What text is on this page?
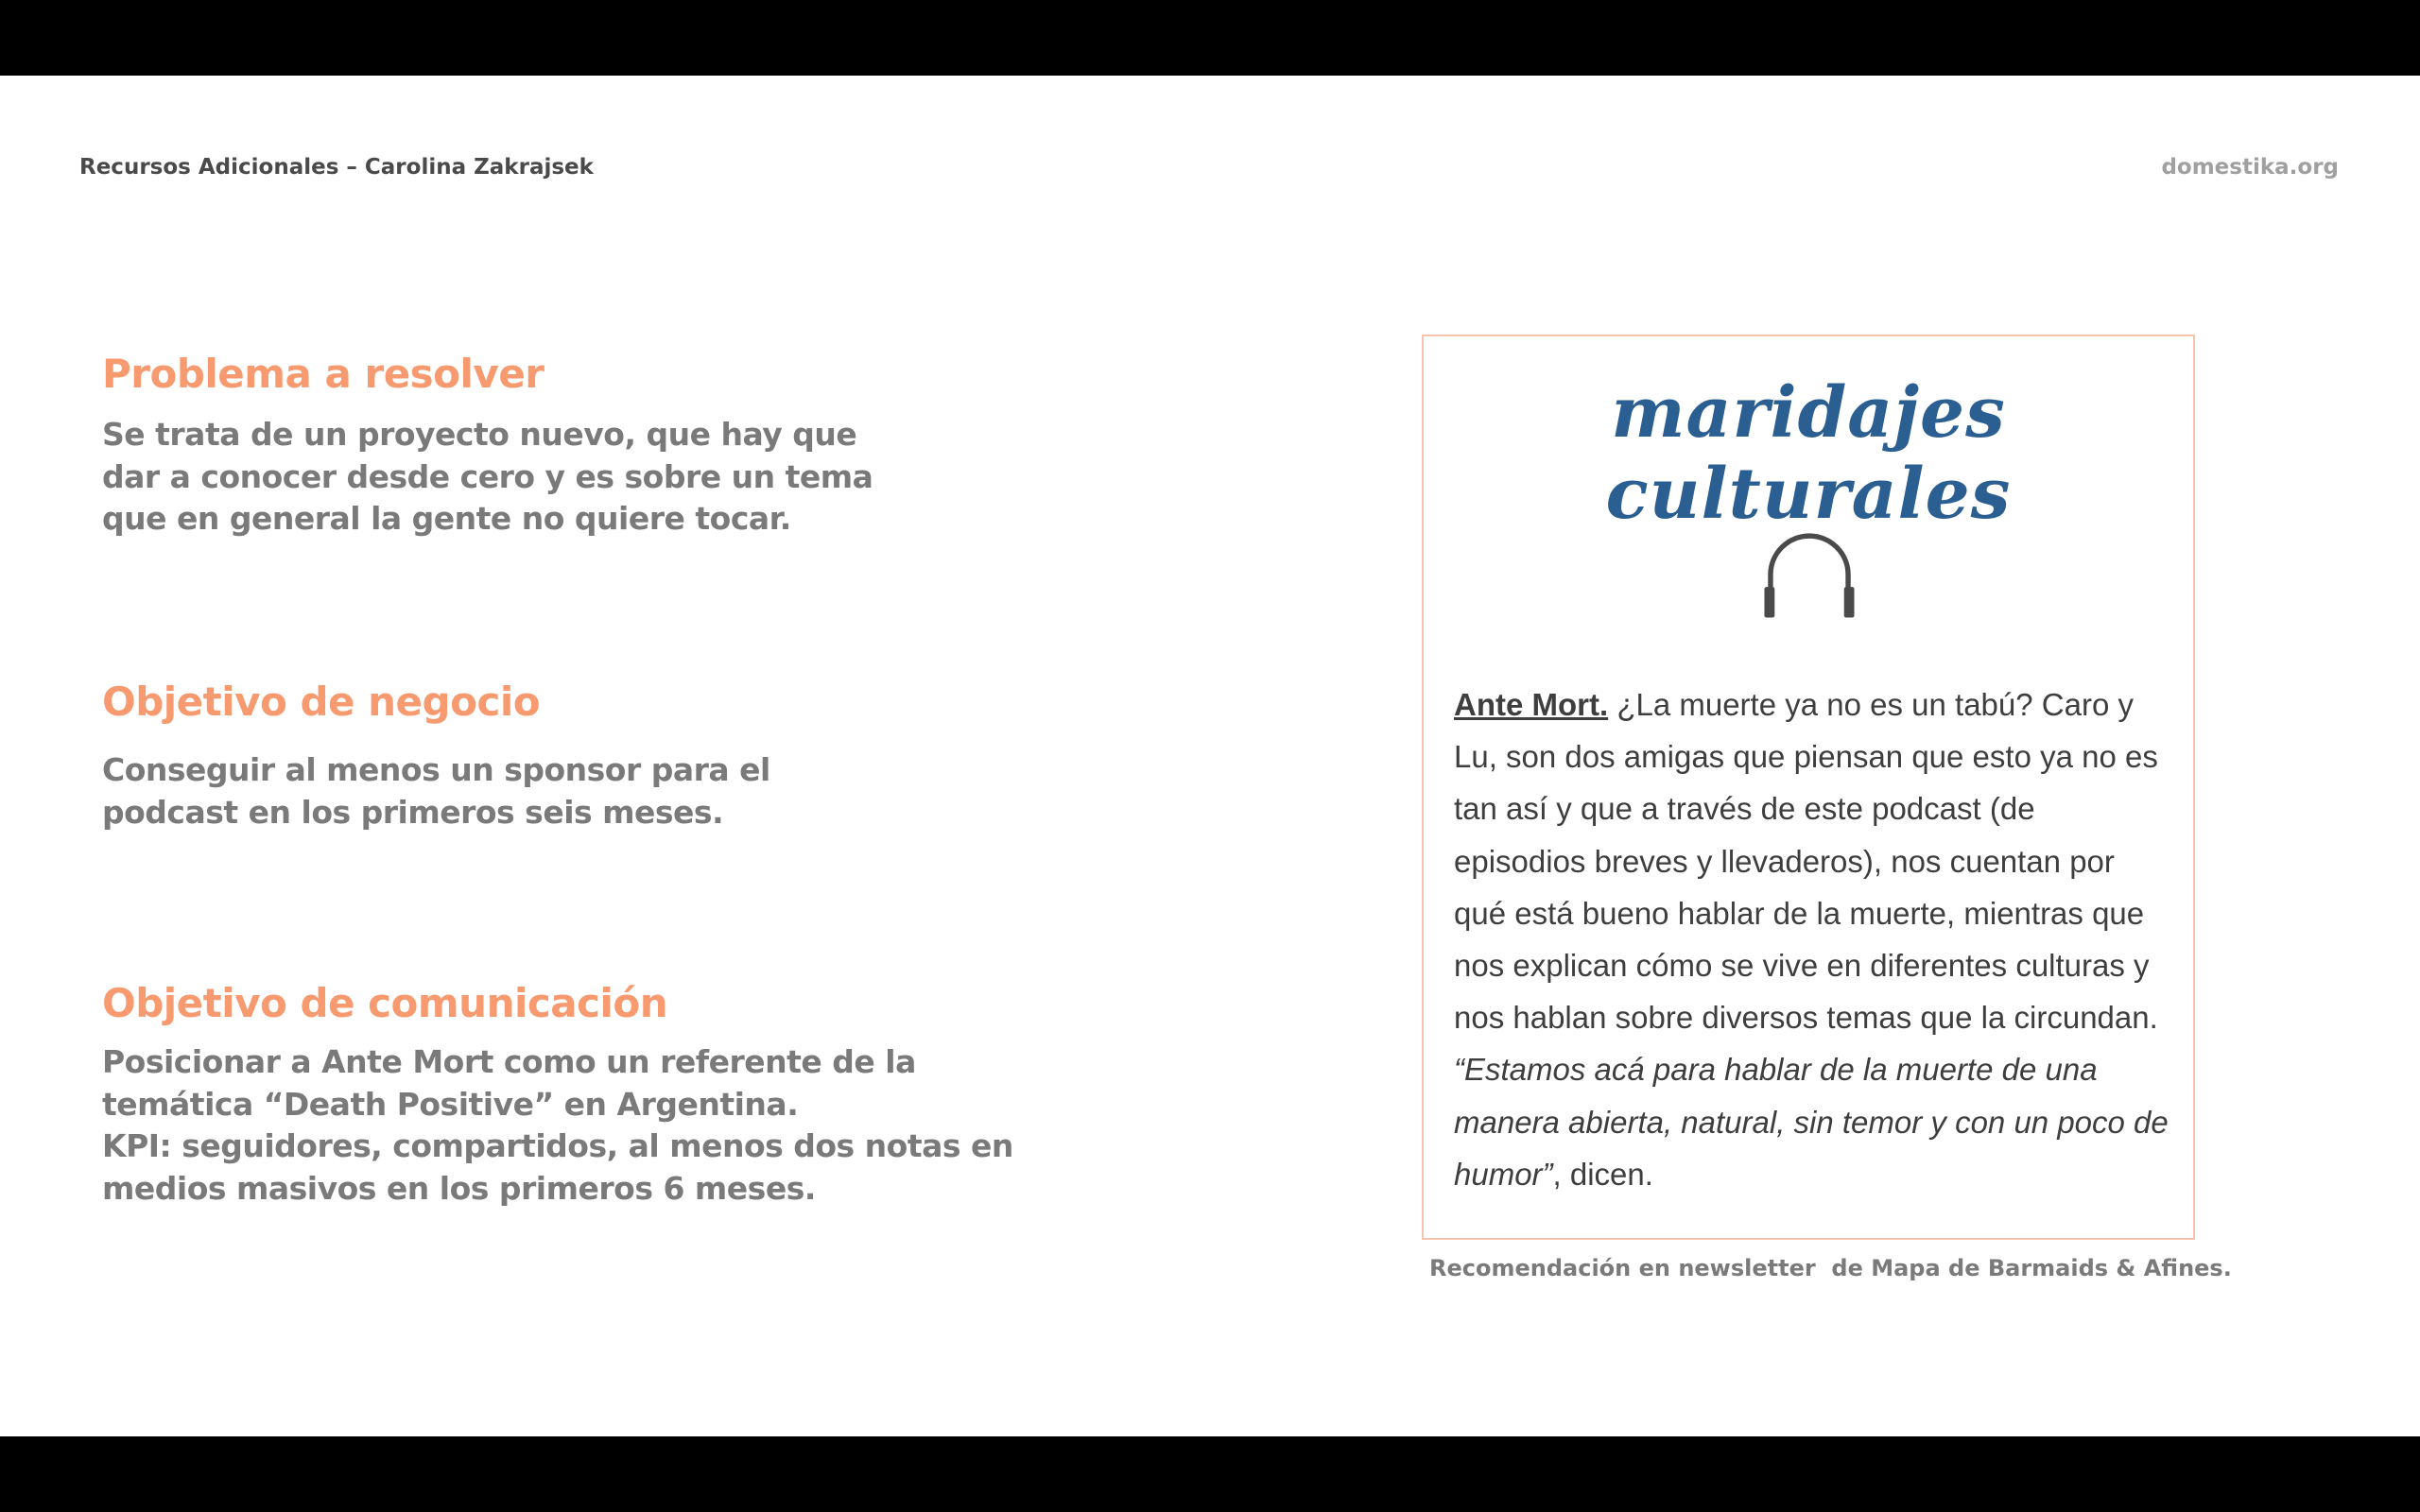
Recursos Adicionales – Carolina Zakrajsek	domestika.org
Problema a resolver
Se trata de un proyecto nuevo, que hay que
dar a conocer desde cero y es sobre un tema
que en general la gente no quiere tocar.
Objetivo de negocio
Conseguir al menos un sponsor para el
podcast en los primeros seis meses.
Objetivo de comunicación
Posicionar a Ante Mort como un referente de la
temática “Death Positive” en Argentina.
KPI: seguidores, compartidos, al menos dos notas en
medios masivos en los primeros 6 meses.
maridajes culturales
Ante Mort. ¿La muerte ya no es un tabú? Caro y Lu, son dos amigas que piensan que esto ya no es tan así y que a través de este podcast (de episodios breves y llevaderos), nos cuentan por qué está bueno hablar de la muerte, mientras que nos explican cómo se vive en diferentes culturas y nos hablan sobre diversos temas que la circundan. “Estamos acá para hablar de la muerte de una manera abierta, natural, sin temor y con un poco de humor”, dicen.
Recomendación en newsletter  de Mapa de Barmaids & Afines.
